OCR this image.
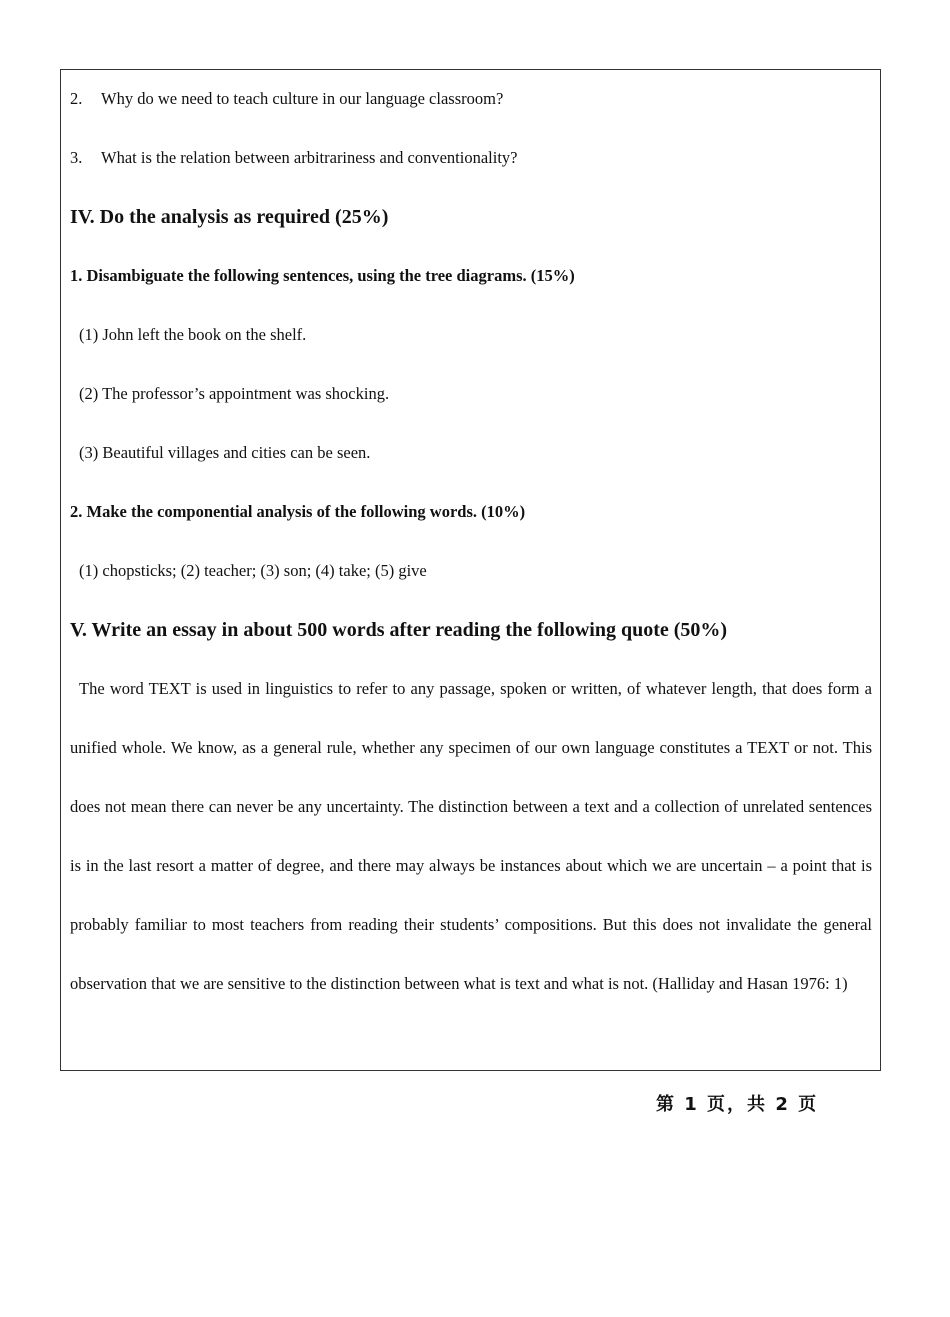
2. Why do we need to teach culture in our language classroom?
3. What is the relation between arbitrariness and conventionality?
IV. Do the analysis as required (25%)
1. Disambiguate the following sentences, using the tree diagrams. (15%)
(1) John left the book on the shelf.
(2) The professor’s appointment was shocking.
(3) Beautiful villages and cities can be seen.
2. Make the componential analysis of the following words. (10%)
(1) chopsticks; (2) teacher; (3) son; (4) take; (5) give
V. Write an essay in about 500 words after reading the following quote (50%)

The word TEXT is used in linguistics to refer to any passage, spoken or written, of whatever length, that does form a unified whole. We know, as a general rule, whether any specimen of our own language constitutes a TEXT or not. This does not mean there can never be any uncertainty. The distinction between a text and a collection of unrelated sentences is in the last resort a matter of degree, and there may always be instances about which we are uncertain – a point that is probably familiar to most teachers from reading their students’ compositions. But this does not invalidate the general observation that we are sensitive to the distinction between what is text and what is not. (Halliday and Hasan 1976: 1)

第 1 页，共 2 页
